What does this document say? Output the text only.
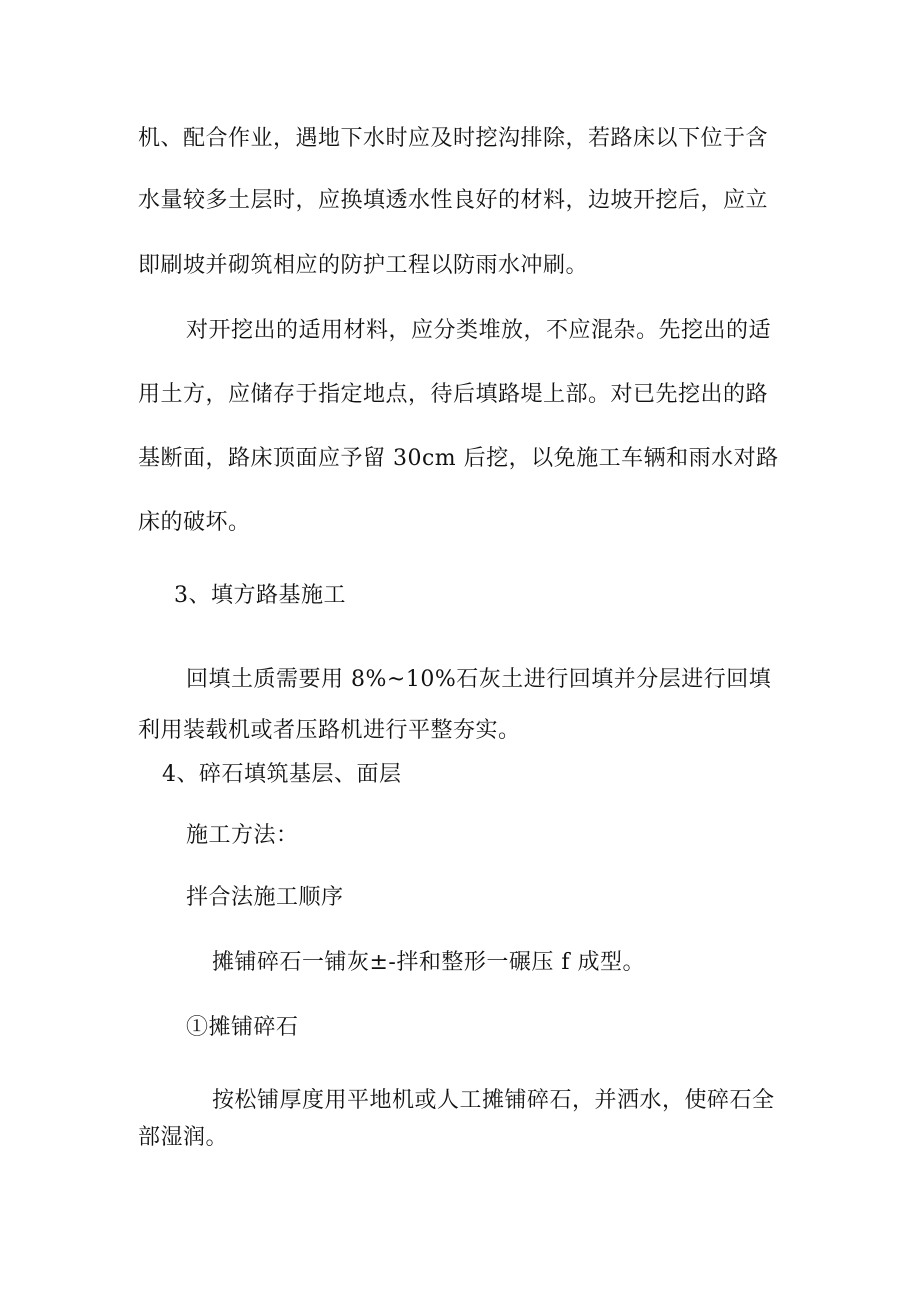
机、配合作业，遇地下水时应及时挖沟排除，若路床以下位于含
水量较多土层时，应换填透水性良好的材料，边坡开挖后，应立
即刷坡并砌筑相应的防护工程以防雨水冲刷。
对开挖出的适用材料，应分类堆放，不应混杂。先挖出的适
用土方，应储存于指定地点，待后填路堤上部。对已先挖出的路
基断面，路床顶面应予留 30cm 后挖，以免施工车辆和雨水对路
床的破坏。
3、填方路基施工
回填土质需要用 8%~10%石灰土进行回填并分层进行回填
利用装载机或者压路机进行平整夯实。
4、碎石填筑基层、面层
施工方法：
拌合法施工顺序
摊铺碎石一铺灰±-拌和整形一碾压 f 成型。
①摊铺碎石
按松铺厚度用平地机或人工摊铺碎石，并洒水，使碎石全
部湿润。
